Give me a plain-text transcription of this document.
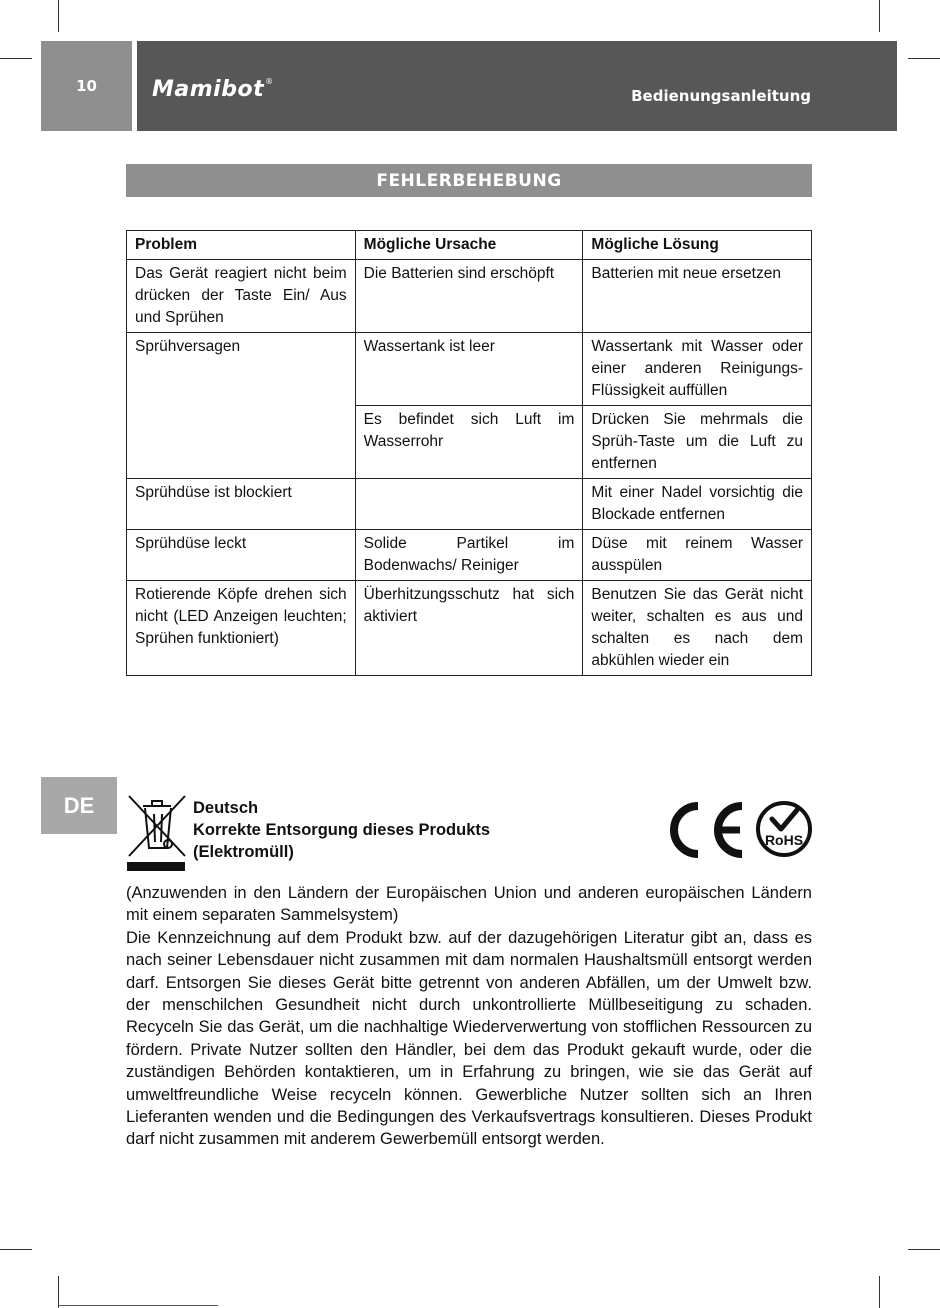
10	Mamibot®
Bedienungsanleitung
FEHLERBEHEBUNG
Problem	Mögliche Ursache	Mögliche Lösung
Das Gerät reagiert nicht beim drücken der Taste Ein/ Aus und Sprühen	Die Batterien sind erschöpft	Batterien mit neue ersetzen
Sprühversagen	Wassertank ist leer	Wassertank mit Wasser oder einer anderen Reinigungs-Flüssigkeit auffüllen
	Es befindet sich Luft im Wasserrohr	Drücken Sie mehrmals die Sprüh-Taste um die Luft zu entfernen
Sprühdüse ist blockiert		Mit einer Nadel vorsichtig die Blockade entfernen
Sprühdüse leckt	Solide Partikel im Bodenwachs/ Reiniger	Düse mit reinem Wasser ausspülen
Rotierende Köpfe drehen sich nicht (LED Anzeigen leuchten; Sprühen funktioniert)	Überhitzungsschutz hat sich aktiviert	Benutzen Sie das Gerät nicht weiter, schalten es aus und schalten es nach dem abkühlen wieder ein
DE	Deutsch
Korrekte Entsorgung dieses Produkts
(Elektromüll)
RoHS

(Anzuwenden in den Ländern der Europäischen Union und anderen europäischen Ländern mit einem separaten Sammelsystem)

Die Kennzeichnung auf dem Produkt bzw. auf der dazugehörigen Literatur gibt an, dass es nach seiner Lebensdauer nicht zusammen mit dam normalen Haushaltsmüll entsorgt werden darf. Entsorgen Sie dieses Gerät bitte getrennt von anderen Abfällen, um der Umwelt bzw. der menschilchen Gesundheit nicht durch unkontrollierte Müllbeseitigung zu schaden. Recyceln Sie das Gerät, um die nachhaltige Wiederverwertung von stofflichen Ressourcen zu fördern. Private Nutzer sollten den Händler, bei dem das Produkt gekauft wurde, oder die zuständigen Behörden kontaktieren, um in Erfahrung zu bringen, wie sie das Gerät auf umweltfreundliche Weise recyceln können. Gewerbliche Nutzer sollten sich an Ihren Lieferanten wenden und die Bedingungen des Verkaufsvertrags konsultieren. Dieses Produkt darf nicht zusammen mit anderem Gewerbemüll entsorgt werden.
